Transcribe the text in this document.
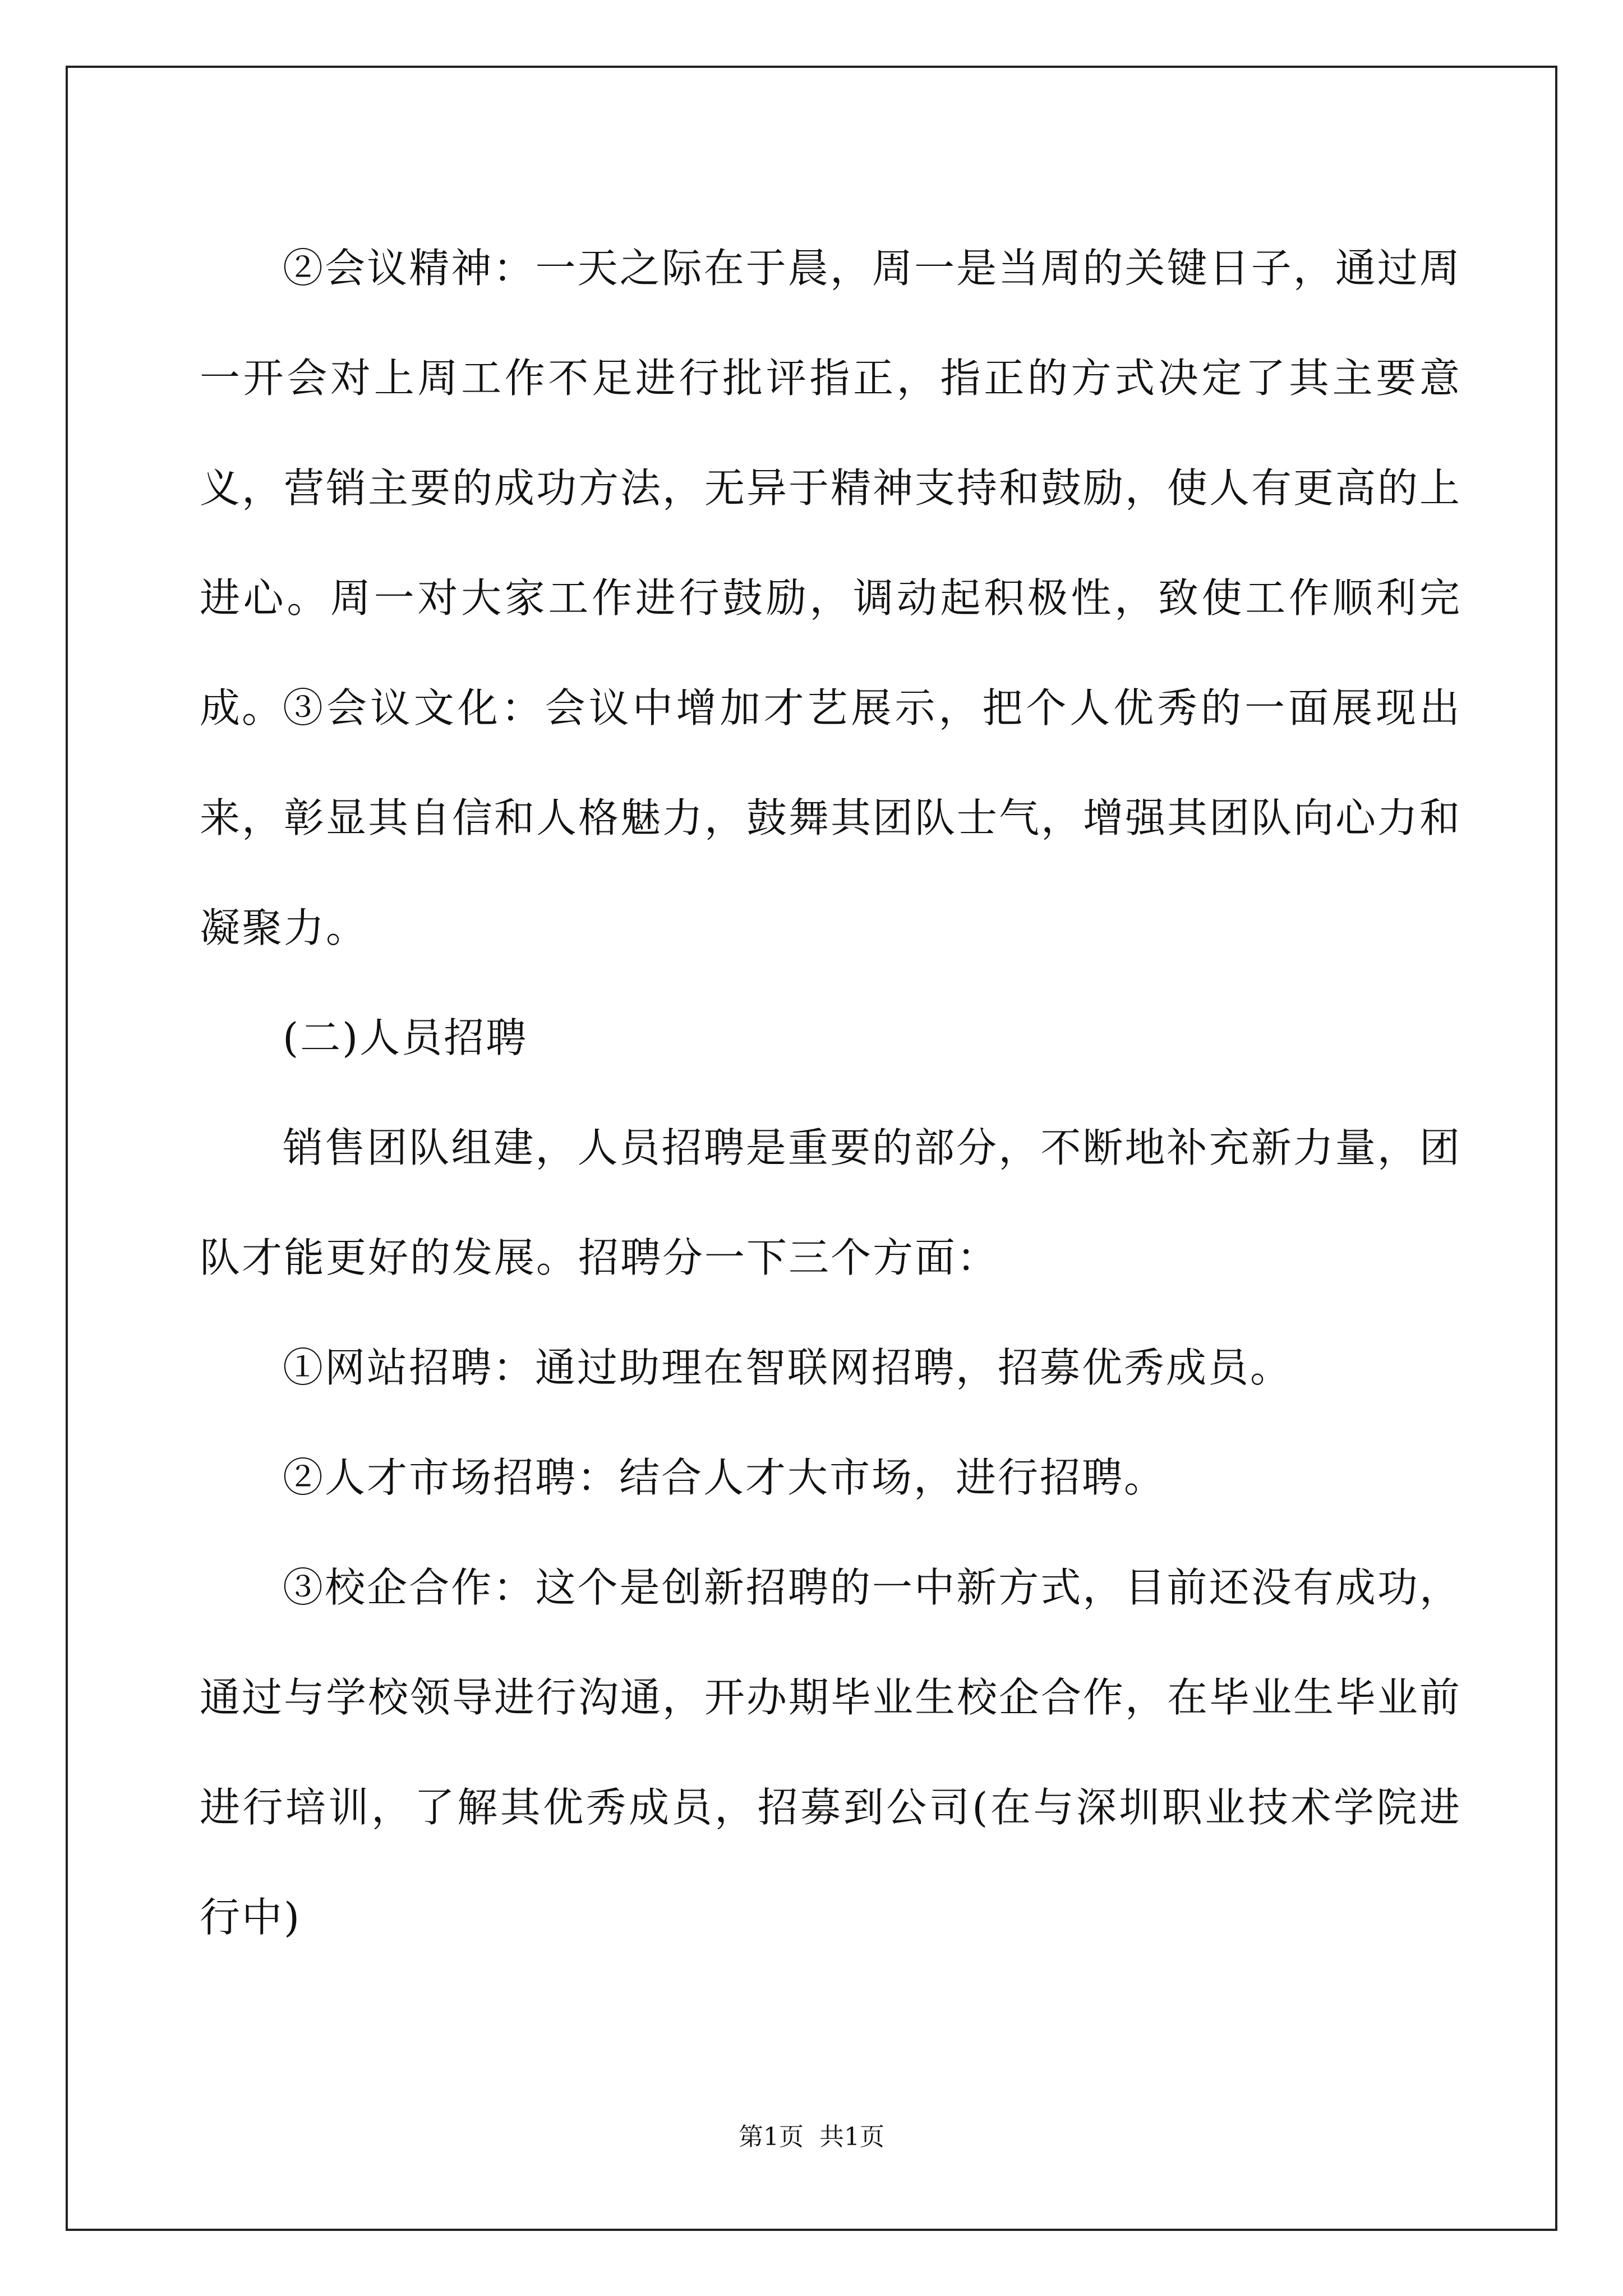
②会议精神：一天之际在于晨，周一是当周的关键日子，通过周一开会对上周工作不足进行批评指正，指正的方式决定了其主要意义，营销主要的成功方法，无异于精神支持和鼓励，使人有更高的上进心。周一对大家工作进行鼓励，调动起积极性，致使工作顺利完成。

③会议文化：会议中增加才艺展示，把个人优秀的一面展现出来，彰显其自信和人格魅力，鼓舞其团队士气，增强其团队向心力和凝聚力。

(二)人员招聘

销售团队组建，人员招聘是重要的部分，不断地补充新力量，团队才能更好的发展。招聘分一下三个方面：

①网站招聘：通过助理在智联网招聘，招募优秀成员。

②人才市场招聘：结合人才大市场，进行招聘。

③校企合作：这个是创新招聘的一中新方式，目前还没有成功，通过与学校领导进行沟通，开办期毕业生校企合作，在毕业生毕业前进行培训，了解其优秀成员，招募到公司(在与深圳职业技术学院进行中)

第1页 共1页
